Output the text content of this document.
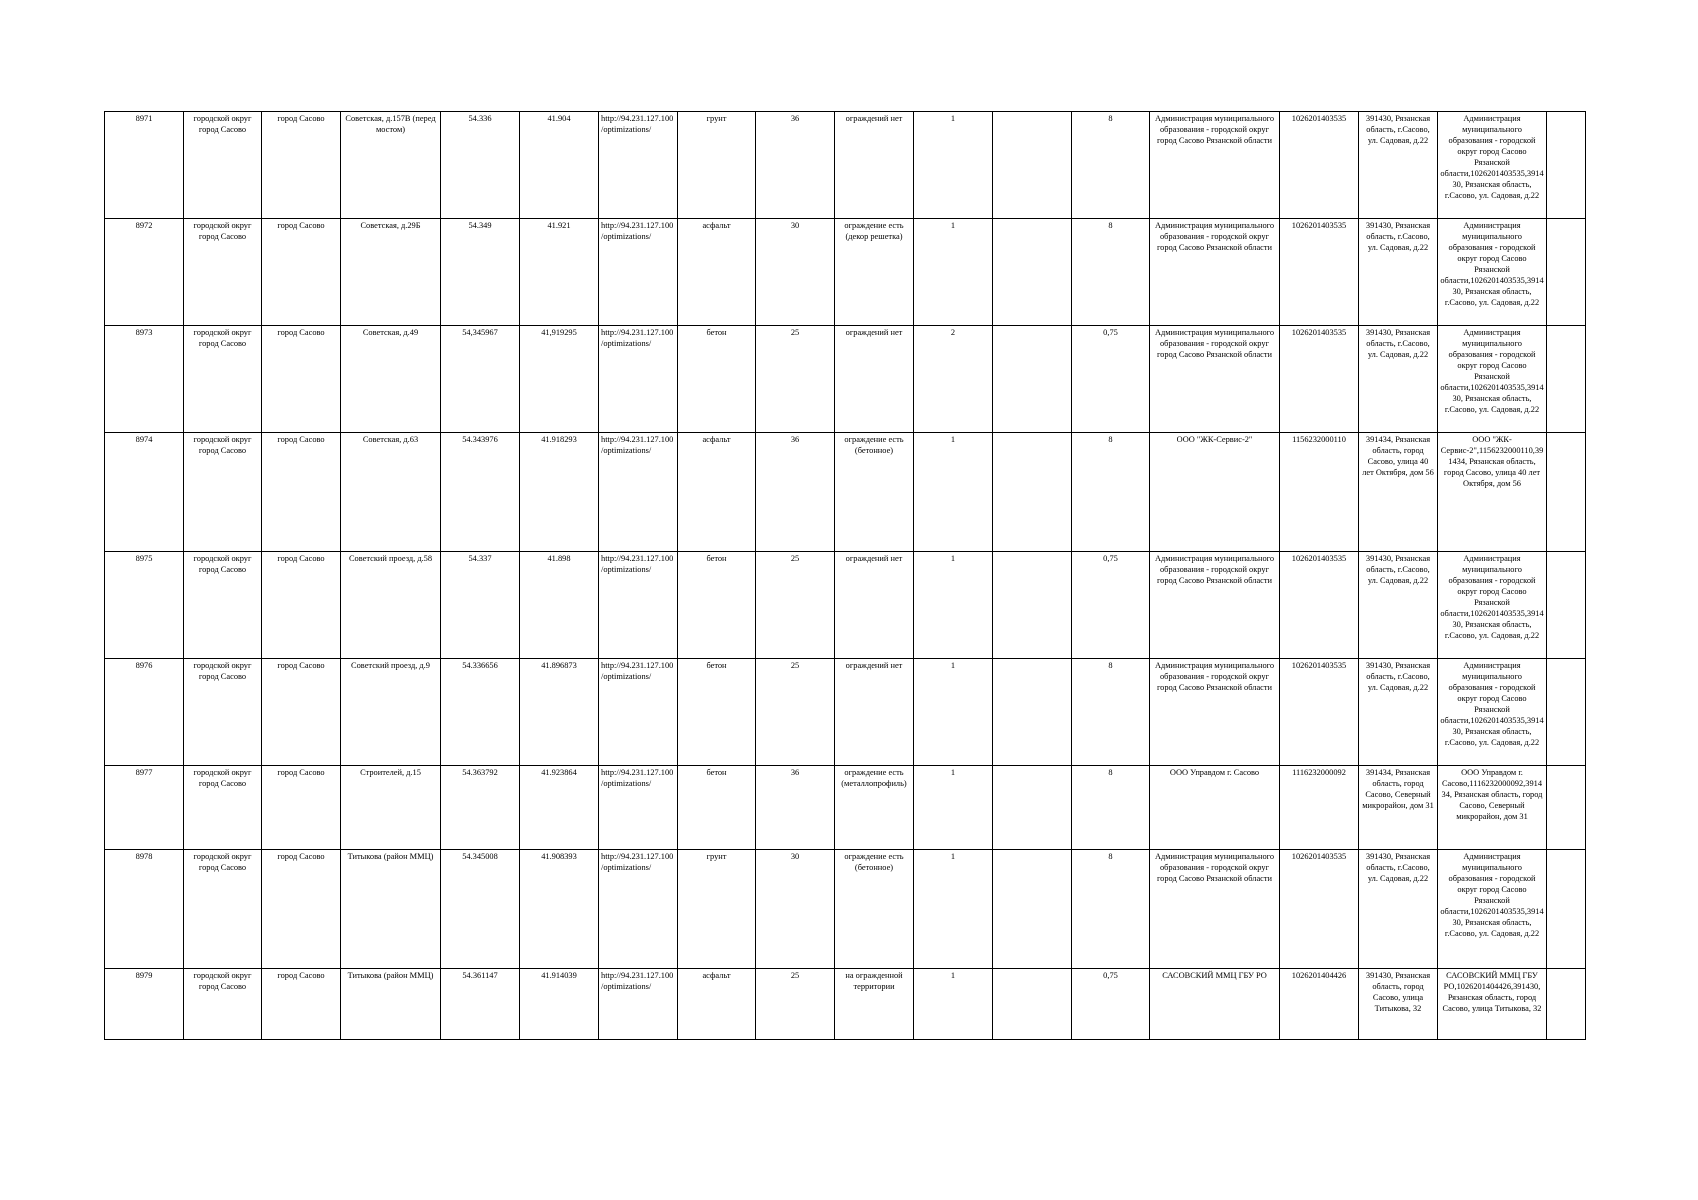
8971	городской округ город Сасово	город Сасово	Советская, д.157В (перед мостом)	54.336	41.904	http://94.231.127.100/optimizations/	грунт	36	ограждений нет	1		8	Администрация муниципального образования - городской округ город Сасово Рязанской области	1026201403535	391430, Рязанская область, г.Сасово, ул. Садовая, д.22	Администрация муниципального образования - городской округ город Сасово Рязанской области,1026201403535,391430, Рязанская область, г.Сасово, ул. Садовая, д.22	
8972	городской округ город Сасово	город Сасово	Советская, д.29Б	54.349	41.921	http://94.231.127.100/optimizations/	асфальт	30	ограждение есть (декор решетка)	1		8	Администрация муниципального образования - городской округ город Сасово Рязанской области	1026201403535	391430, Рязанская область, г.Сасово, ул. Садовая, д.22	Администрация муниципального образования - городской округ город Сасово Рязанской области,1026201403535,391430, Рязанская область, г.Сасово, ул. Садовая, д.22	
8973	городской округ город Сасово	город Сасово	Советская, д.49	54,345967	41,919295	http://94.231.127.100/optimizations/	бетон	25	ограждений нет	2		0,75	Администрация муниципального образования - городской округ город Сасово Рязанской области	1026201403535	391430, Рязанская область, г.Сасово, ул. Садовая, д.22	Администрация муниципального образования - городской округ город Сасово Рязанской области,1026201403535,391430, Рязанская область, г.Сасово, ул. Садовая, д.22	
8974	городской округ город Сасово	город Сасово	Советская, д.63	54.343976	41.918293	http://94.231.127.100/optimizations/	асфальт	36	ограждение есть (бетонное)	1		8	ООО "ЖК-Сервис-2"	1156232000110	391434, Рязанская область, город Сасово, улица 40 лет Октября, дом 56	ООО "ЖК-Сервис-2",1156232000110,391434, Рязанская область, город Сасово, улица 40 лет Октября, дом 56	
8975	городской округ город Сасово	город Сасово	Советский проезд, д.58	54.337	41.898	http://94.231.127.100/optimizations/	бетон	25	ограждений нет	1		0,75	Администрация муниципального образования - городской округ город Сасово Рязанской области	1026201403535	391430, Рязанская область, г.Сасово, ул. Садовая, д.22	Администрация муниципального образования - городской округ город Сасово Рязанской области,1026201403535,391430, Рязанская область, г.Сасово, ул. Садовая, д.22	
8976	городской округ город Сасово	город Сасово	Советский проезд, д.9	54.336656	41.896873	http://94.231.127.100/optimizations/	бетон	25	ограждений нет	1		8	Администрация муниципального образования - городской округ город Сасово Рязанской области	1026201403535	391430, Рязанская область, г.Сасово, ул. Садовая, д.22	Администрация муниципального образования - городской округ город Сасово Рязанской области,1026201403535,391430, Рязанская область, г.Сасово, ул. Садовая, д.22	
8977	городской округ город Сасово	город Сасово	Строителей, д.15	54.363792	41.923864	http://94.231.127.100/optimizations/	бетон	36	ограждение есть (металлопрофиль)	1		8	ООО Управдом г. Сасово	1116232000092	391434, Рязанская область, город Сасово, Северный микрорайон, дом 31	ООО Управдом г. Сасово,1116232000092,391434, Рязанская область, город Сасово, Северный микрорайон, дом 31	
8978	городской округ город Сасово	город Сасово	Титыкова (район ММЦ)	54.345008	41.908393	http://94.231.127.100/optimizations/	грунт	30	ограждение есть (бетонное)	1		8	Администрация муниципального образования - городской округ город Сасово Рязанской области	1026201403535	391430, Рязанская область, г.Сасово, ул. Садовая, д.22	Администрация муниципального образования - городской округ город Сасово Рязанской области,1026201403535,391430, Рязанская область, г.Сасово, ул. Садовая, д.22	
8979	городской округ город Сасово	город Сасово	Титыкова (район ММЦ)	54.361147	41.914039	http://94.231.127.100/optimizations/	асфальт	25	на огражденной территории	1		0,75	САСОВСКИЙ ММЦ ГБУ РО	1026201404426	391430, Рязанская область, город Сасово, улица Титыкова, 32	САСОВСКИЙ ММЦ ГБУ РО,1026201404426,391430, Рязанская область, город Сасово, улица Титыкова, 32	
